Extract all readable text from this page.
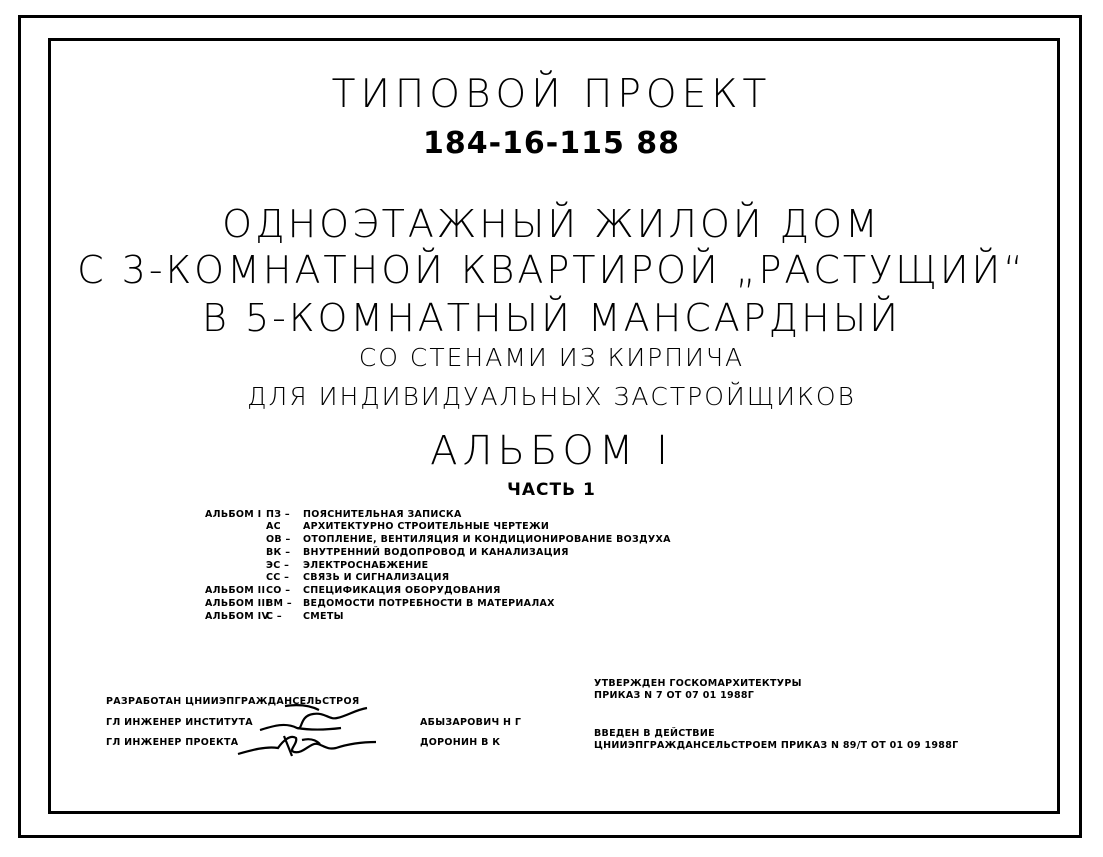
ТИПОВОЙ ПРОЕКТ
184-16-115 88
ОДНОЭТАЖНЫЙ ЖИЛОЙ ДОМ
С 3-КОМНАТНОЙ КВАРТИРОЙ „РАСТУЩИЙ“
В 5-КОМНАТНЫЙ МАНСАРДНЫЙ
СО СТЕНАМИ ИЗ КИРПИЧА
ДЛЯ ИНДИВИДУАЛЬНЫХ ЗАСТРОЙЩИКОВ
АЛЬБОМ I
ЧАСТЬ 1
АЛЬБОМ I ПЗ – ПОЯСНИТЕЛЬНАЯ ЗАПИСКА
АС АРХИТЕКТУРНО СТРОИТЕЛЬНЫЕ ЧЕРТЕЖИ
ОВ – ОТОПЛЕНИЕ, ВЕНТИЛЯЦИЯ И КОНДИЦИОНИРОВАНИЕ ВОЗДУХА
ВК – ВНУТРЕННИЙ ВОДОПРОВОД И КАНАЛИЗАЦИЯ
ЭС – ЭЛЕКТРОСНАБЖЕНИЕ
СС – СВЯЗЬ И СИГНАЛИЗАЦИЯ
АЛЬБОМ II СО – СПЕЦИФИКАЦИЯ ОБОРУДОВАНИЯ
АЛЬБОМ III
ВМ – ВЕДОМОСТИ ПОТРЕБНОСТИ В МАТЕРИАЛАХ
АЛЬБОМ IV
С – СМЕТЫ
РАЗРАБОТАН ЦНИИЭПГРАЖДАНСЕЛЬСТРОЯ
ГЛ ИНЖЕНЕР ИНСТИТУТА	АБЫЗАРОВИЧ Н Г
ГЛ ИНЖЕНЕР ПРОЕКТА	ДОРОНИН В К
УТВЕРЖДЕН ГОСКОМАРХИТЕКТУРЫ
ПРИКАЗ N 7 ОТ 07 01 1988Г
ВВЕДЕН В ДЕЙСТВИЕ
ЦНИИЭПГРАЖДАНСЕЛЬСТРОЕМ ПРИКАЗ N 89/Т ОТ 01 09 1988Г
